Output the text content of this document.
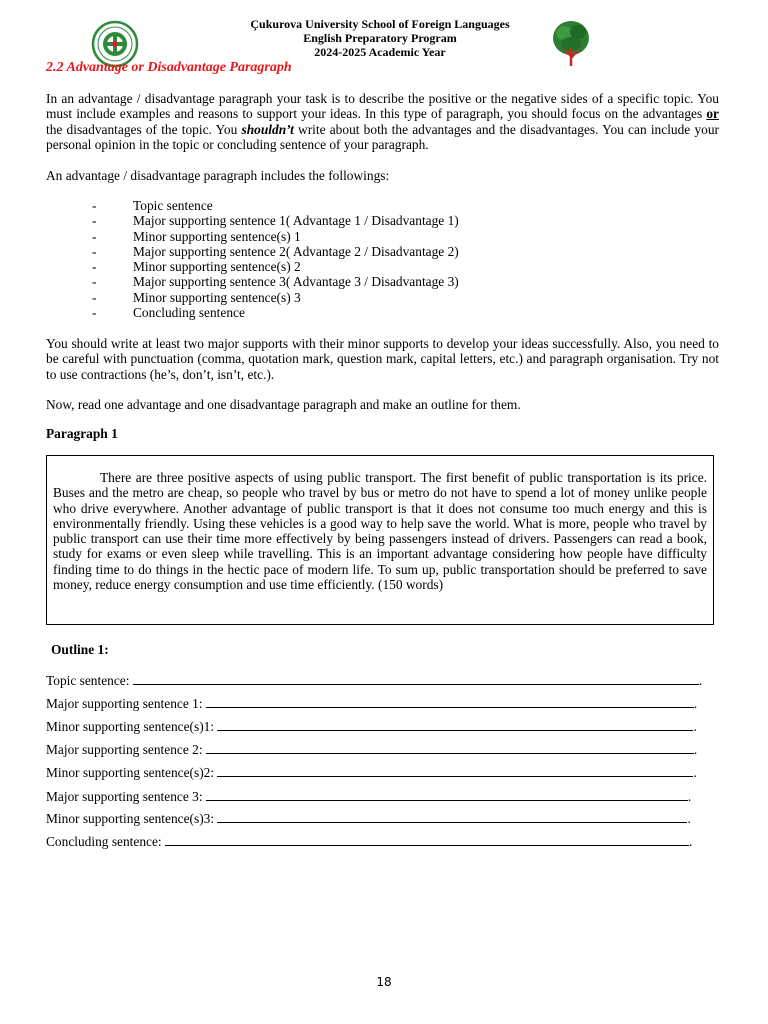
Çukurova University School of Foreign Languages
English Preparatory Program
2024-2025 Academic Year
2.2 Advantage or Disadvantage Paragraph
In an advantage / disadvantage paragraph your task is to describe the positive or the negative sides of a specific topic. You must include examples and reasons to support your ideas. In this type of paragraph, you should focus on the advantages or the disadvantages of the topic. You shouldn’t write about both the advantages and the disadvantages. You can include your personal opinion in the topic or concluding sentence of your paragraph.
An advantage / disadvantage paragraph includes the followings:
-	Topic sentence
-	Major supporting sentence 1( Advantage 1 / Disadvantage 1)
-	Minor supporting sentence(s) 1
-	Major supporting sentence 2( Advantage 2 / Disadvantage 2)
-	Minor supporting sentence(s) 2
-	Major supporting sentence 3( Advantage 3 / Disadvantage 3)
-	Minor supporting sentence(s) 3
-	Concluding sentence
You should write at least two major supports with their minor supports to develop your ideas successfully. Also, you need to be careful with punctuation (comma, quotation mark, question mark, capital letters, etc.) and paragraph organisation. Try not to use contractions (he’s, don’t, isn’t, etc.).
Now, read one advantage and one disadvantage paragraph and make an outline for them.
Paragraph 1

There are three positive aspects of using public transport. The first benefit of public transportation is its price. Buses and the metro are cheap, so people who travel by bus or metro do not have to spend a lot of money unlike people who drive everywhere. Another advantage of public transport is that it does not consume too much energy and this is environmentally friendly. Using these vehicles is a good way to help save the world. What is more, people who travel by public transport can use their time more effectively by being passengers instead of drivers. Passengers can read a book, study for exams or even sleep while travelling. This is an important advantage considering how people have difficulty finding time to do things in the hectic pace of modern life. To sum up, public transportation should be preferred to save money, reduce energy consumption and use time efficiently. (150 words)

Outline 1:
Topic sentence:	.
Major supporting sentence 1:	.
Minor supporting sentence(s)1:	.
Major supporting sentence 2:	.
Minor supporting sentence(s)2:	.
Major supporting sentence 3:	.
Minor supporting sentence(s)3:	.
Concluding sentence:	.
18
